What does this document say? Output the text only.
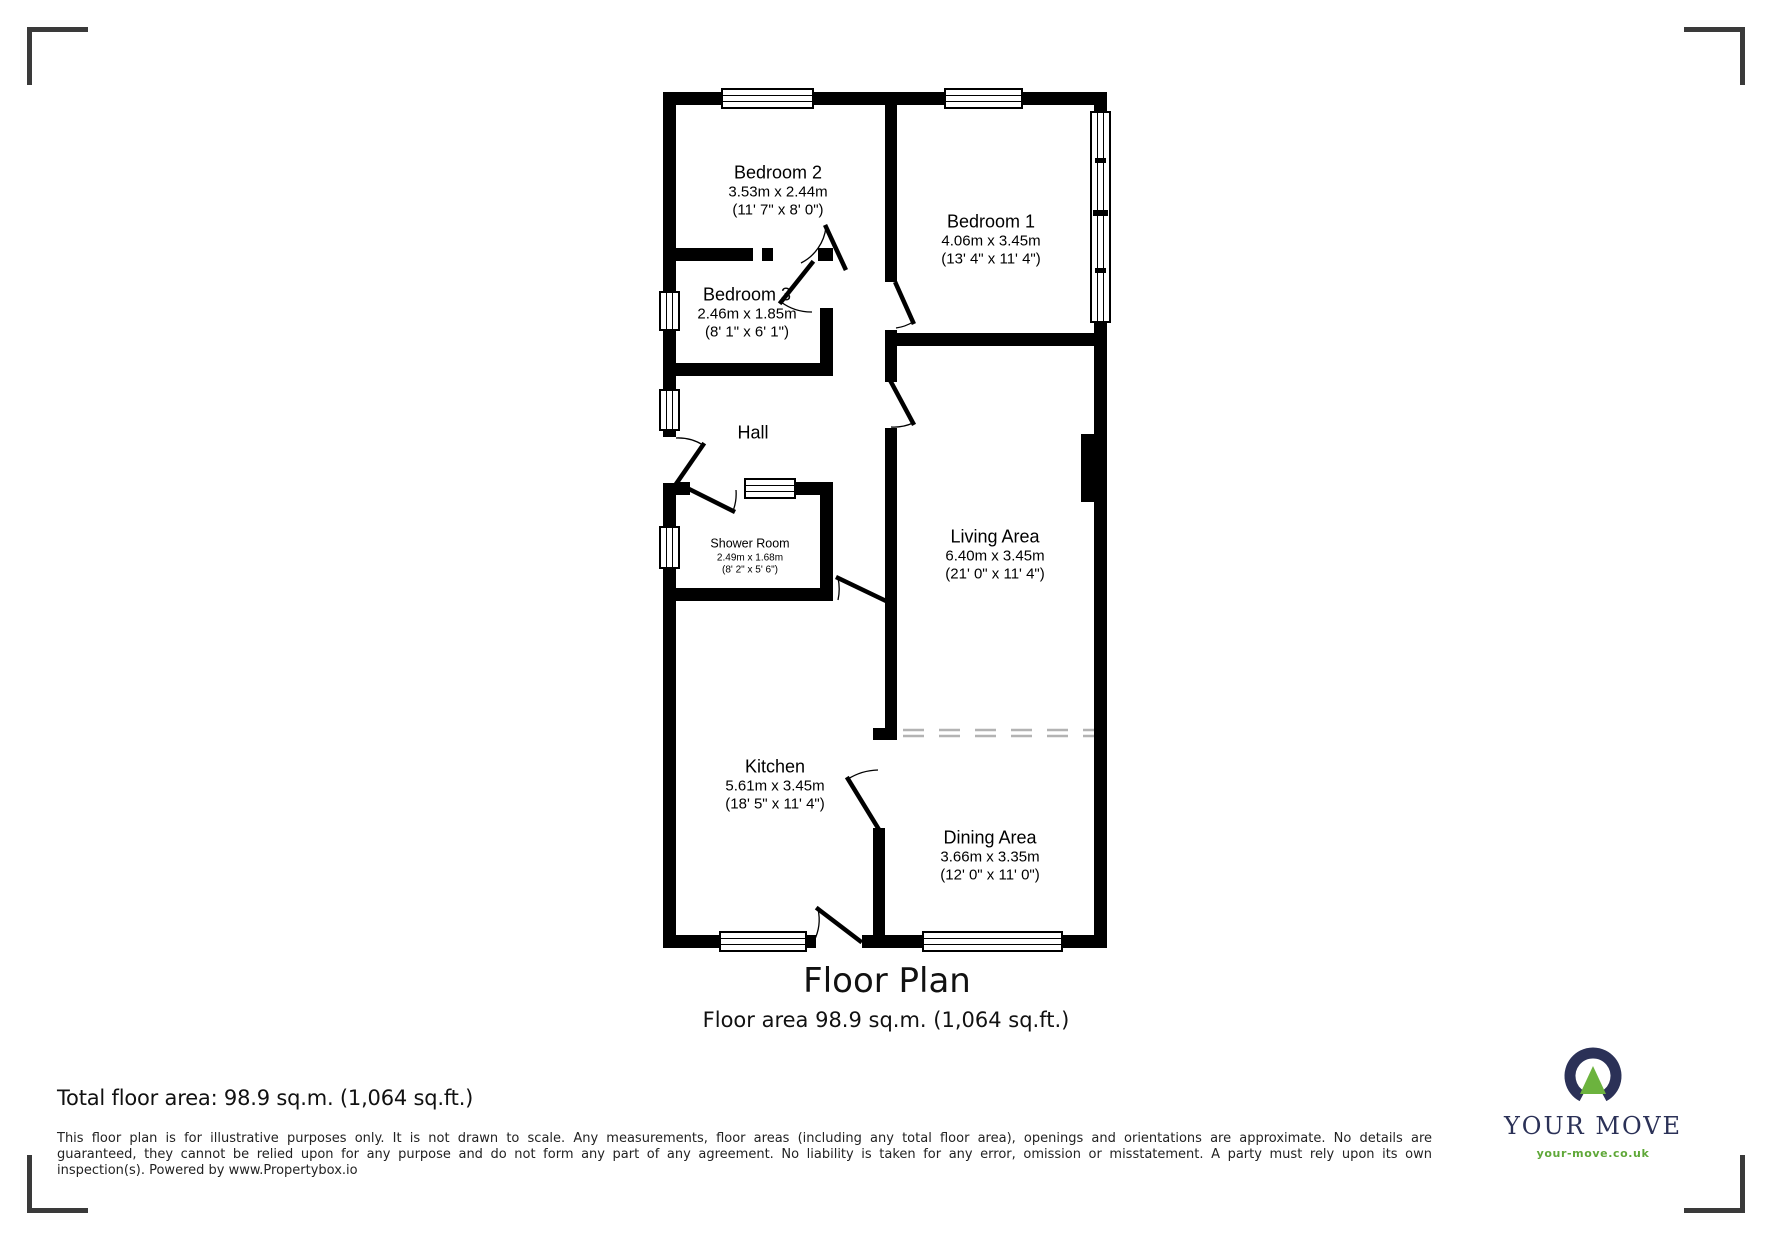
Bedroom 2
3.53m x 2.44m
(11' 7" x 8' 0")
Bedroom 1
4.06m x 3.45m
(13' 4" x 11' 4")
Bedroom 3
2.46m x 1.85m
(8' 1" x 6' 1")
Hall
Shower Room
2.49m x 1.68m
(8' 2" x 5' 6")
Living Area
6.40m x 3.45m
(21' 0" x 11' 4")
Kitchen
5.61m x 3.45m
(18' 5" x 11' 4")
Dining Area
3.66m x 3.35m
(12' 0" x 11' 0")
Floor Plan
Floor area 98.9 sq.m. (1,064 sq.ft.)
Total floor area: 98.9 sq.m. (1,064 sq.ft.)
This floor plan is for illustrative purposes only. It is not drawn to scale. Any measurements, floor areas (including any total floor area), openings and orientations are approximate. No details are
guaranteed, they cannot be relied upon for any purpose and do not form any part of any agreement. No liability is taken for any error, omission or misstatement. A party must rely upon its own
inspection(s). Powered by www.Propertybox.io
YOUR MOVE
your-move.co.uk
